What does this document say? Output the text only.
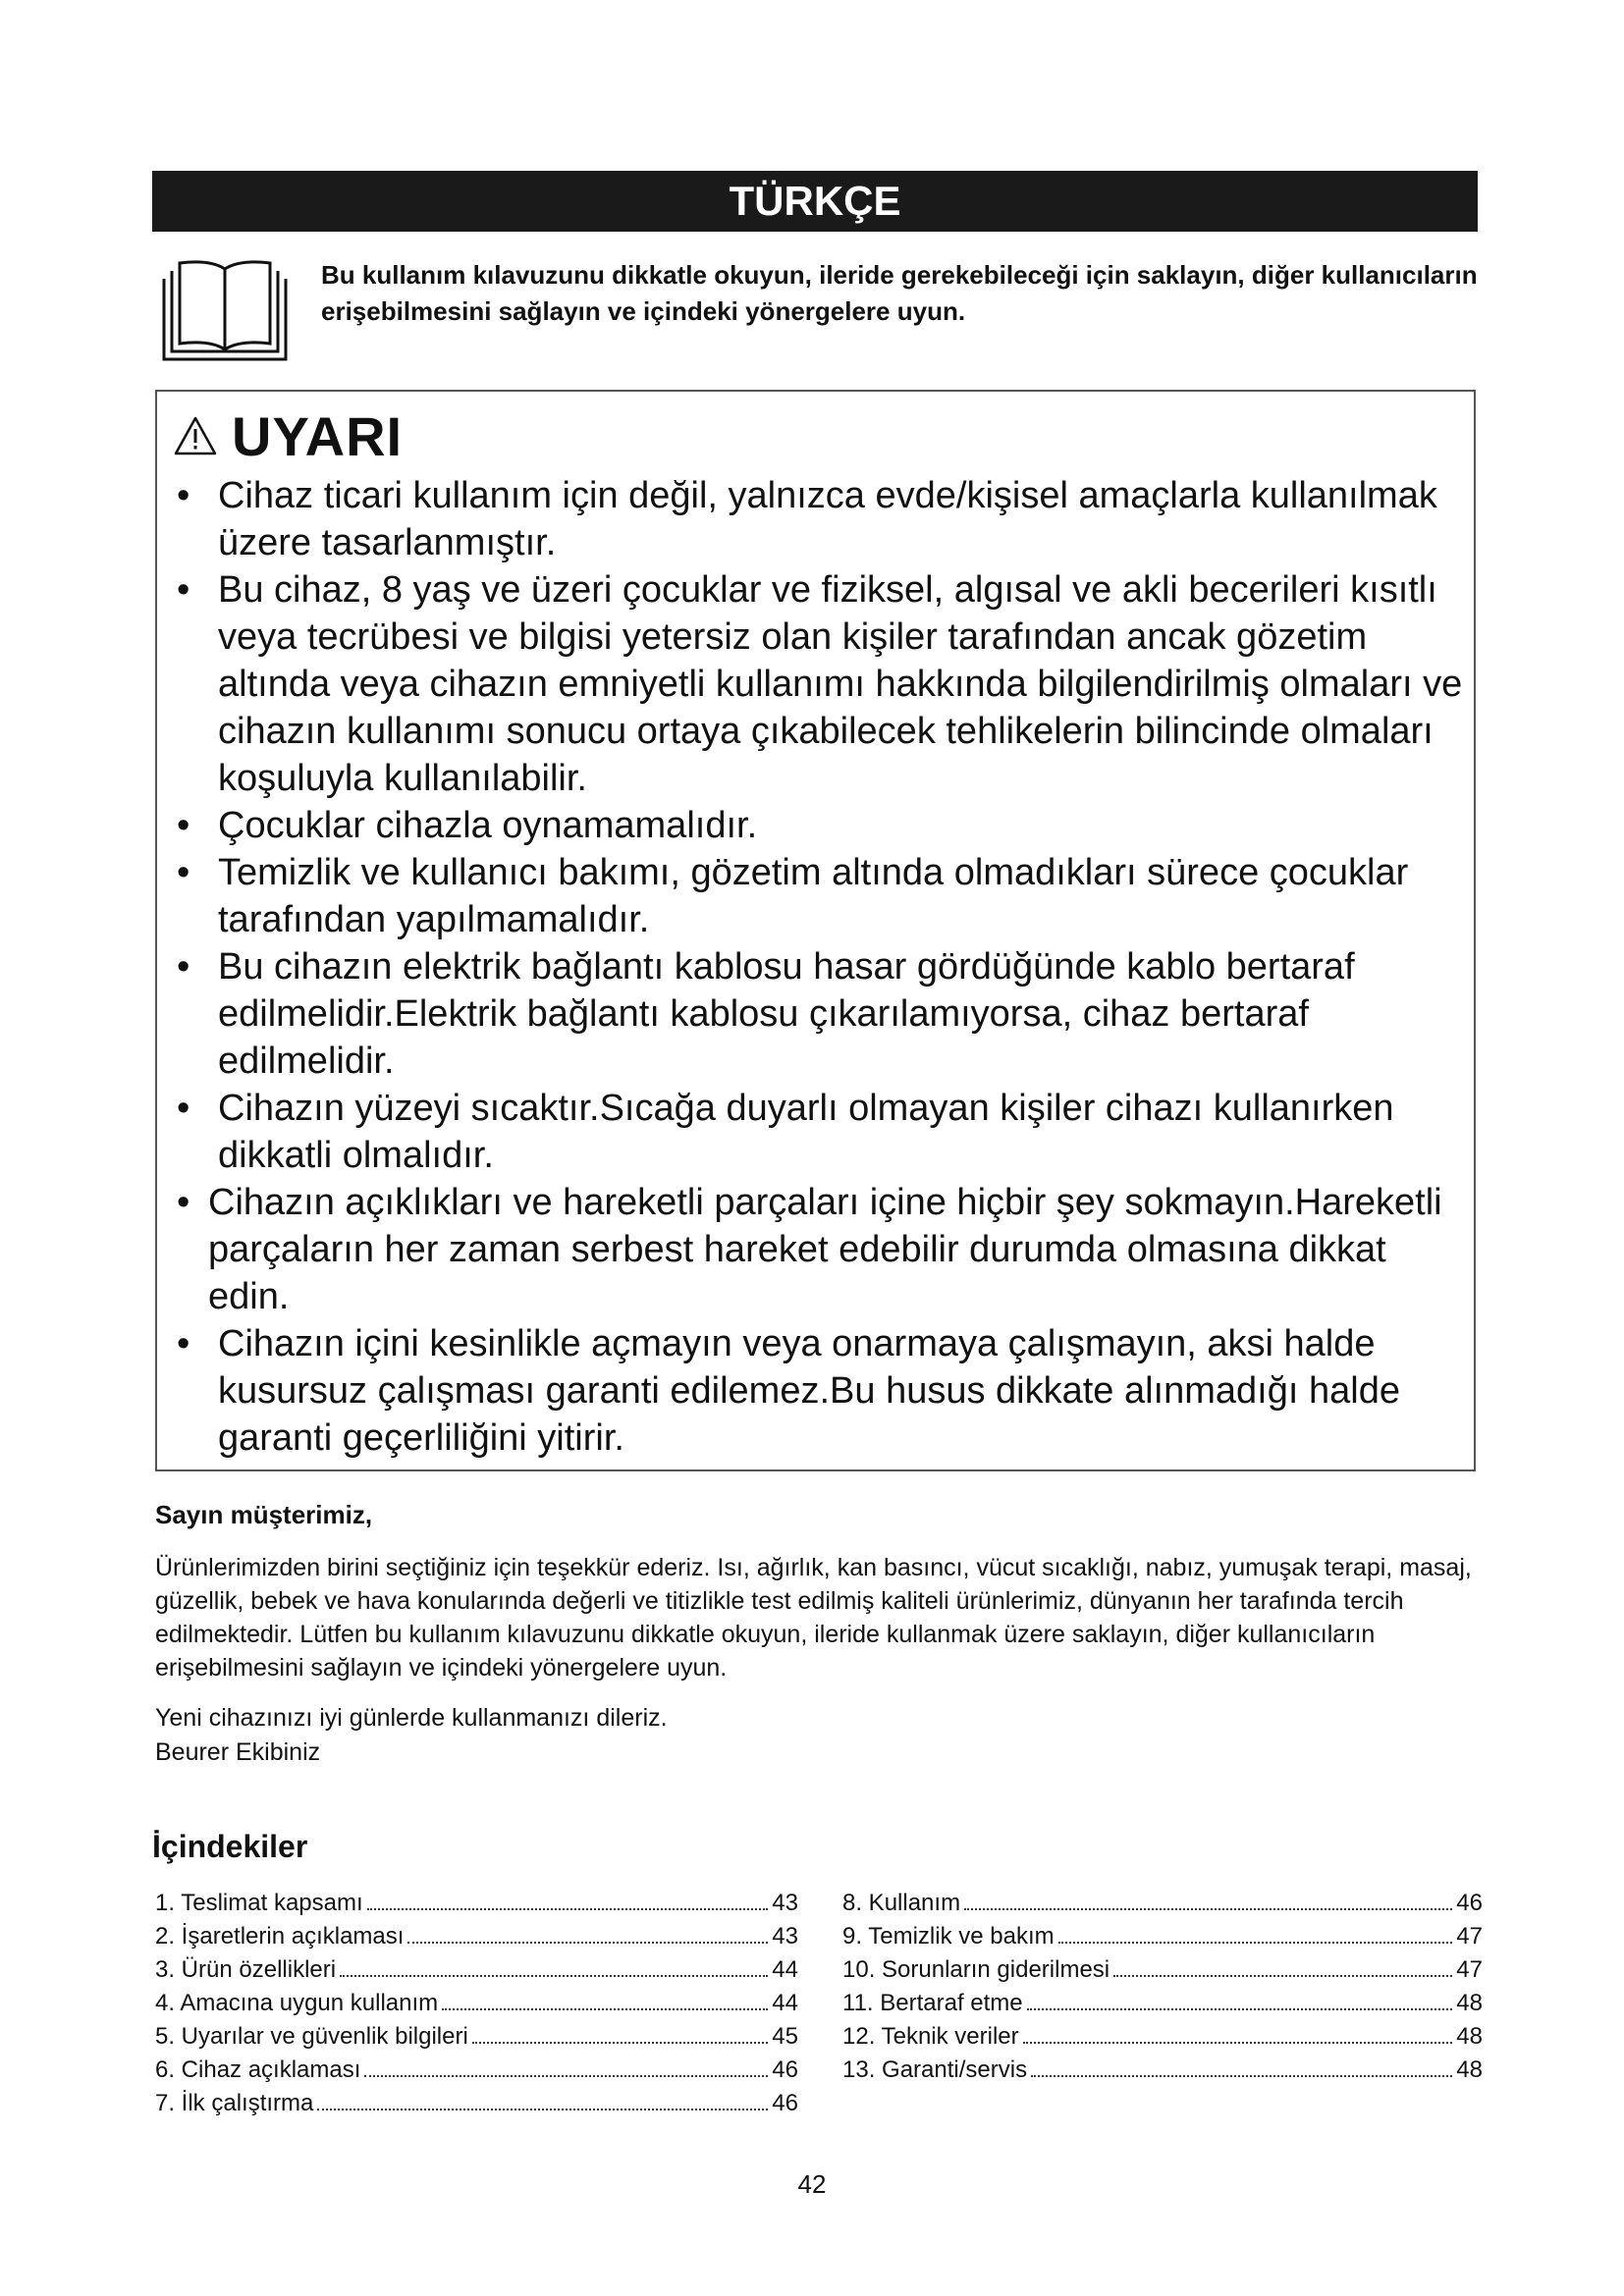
TÜRKÇE
Bu kullanım kılavuzunu dikkatle okuyun, ileride gerekebileceği için saklayın, diğer kullanıcıların erişebilmesini sağlayın ve içindeki yönergelere uyun.
UYARI
• Cihaz ticari kullanım için değil, yalnızca evde/kişisel amaçlarla kullanılmak üzere tasarlanmıştır.
• Bu cihaz, 8 yaş ve üzeri çocuklar ve fiziksel, algısal ve akli becerileri kısıtlı veya tecrübesi ve bilgisi yetersiz olan kişiler tarafından ancak gözetim altında veya cihazın emniyetli kullanımı hakkında bilgilendirilmiş olmaları ve cihazın kullanımı sonucu ortaya çıkabilecek tehlikelerin bilincinde olmaları koşuluyla kullanılabilir.
• Çocuklar cihazla oynamamalıdır.
• Temizlik ve kullanıcı bakımı, gözetim altında olmadıkları sürece çocuklar tarafından yapılmamalıdır.
• Bu cihazın elektrik bağlantı kablosu hasar gördüğünde kablo bertaraf edilmelidir.Elektrik bağlantı kablosu çıkarılamıyorsa, cihaz bertaraf edilmelidir.
• Cihazın yüzeyi sıcaktır.Sıcağa duyarlı olmayan kişiler cihazı kullanırken dikkatli olmalıdır.
• Cihazın açıklıkları ve hareketli parçaları içine hiçbir şey sokmayın.Hareketli parçaların her zaman serbest hareket edebilir durumda olmasına dikkat edin.
• Cihazın içini kesinlikle açmayın veya onarmaya çalışmayın, aksi halde kusursuz çalışması garanti edilemez.Bu husus dikkate alınmadığı halde garanti geçerliliğini yitirir.
Sayın müşterimiz,
Ürünlerimizden birini seçtiğiniz için teşekkür ederiz. Isı, ağırlık, kan basıncı, vücut sıcaklığı, nabız, yumuşak terapi, masaj, güzellik, bebek ve hava konularında değerli ve titizlikle test edilmiş kaliteli ürünlerimiz, dünyanın her tarafında tercih edilmektedir. Lütfen bu kullanım kılavuzunu dikkatle okuyun, ileride kullanmak üzere saklayın, diğer kullanıcıların erişebilmesini sağlayın ve içindeki yönergelere uyun.
Yeni cihazınızı iyi günlerde kullanmanızı dileriz.
Beurer Ekibiniz
İçindekiler
1. Teslimat kapsamı	43
2. İşaretlerin açıklaması	43
3. Ürün özellikleri	44
4. Amacına uygun kullanım	44
5. Uyarılar ve güvenlik bilgileri	45
6. Cihaz açıklaması	46
7. İlk çalıştırma	46
8. Kullanım	46
9. Temizlik ve bakım	47
10. Sorunların giderilmesi	47
11. Bertaraf etme	48
12. Teknik veriler	48
13. Garanti/servis	48
42
